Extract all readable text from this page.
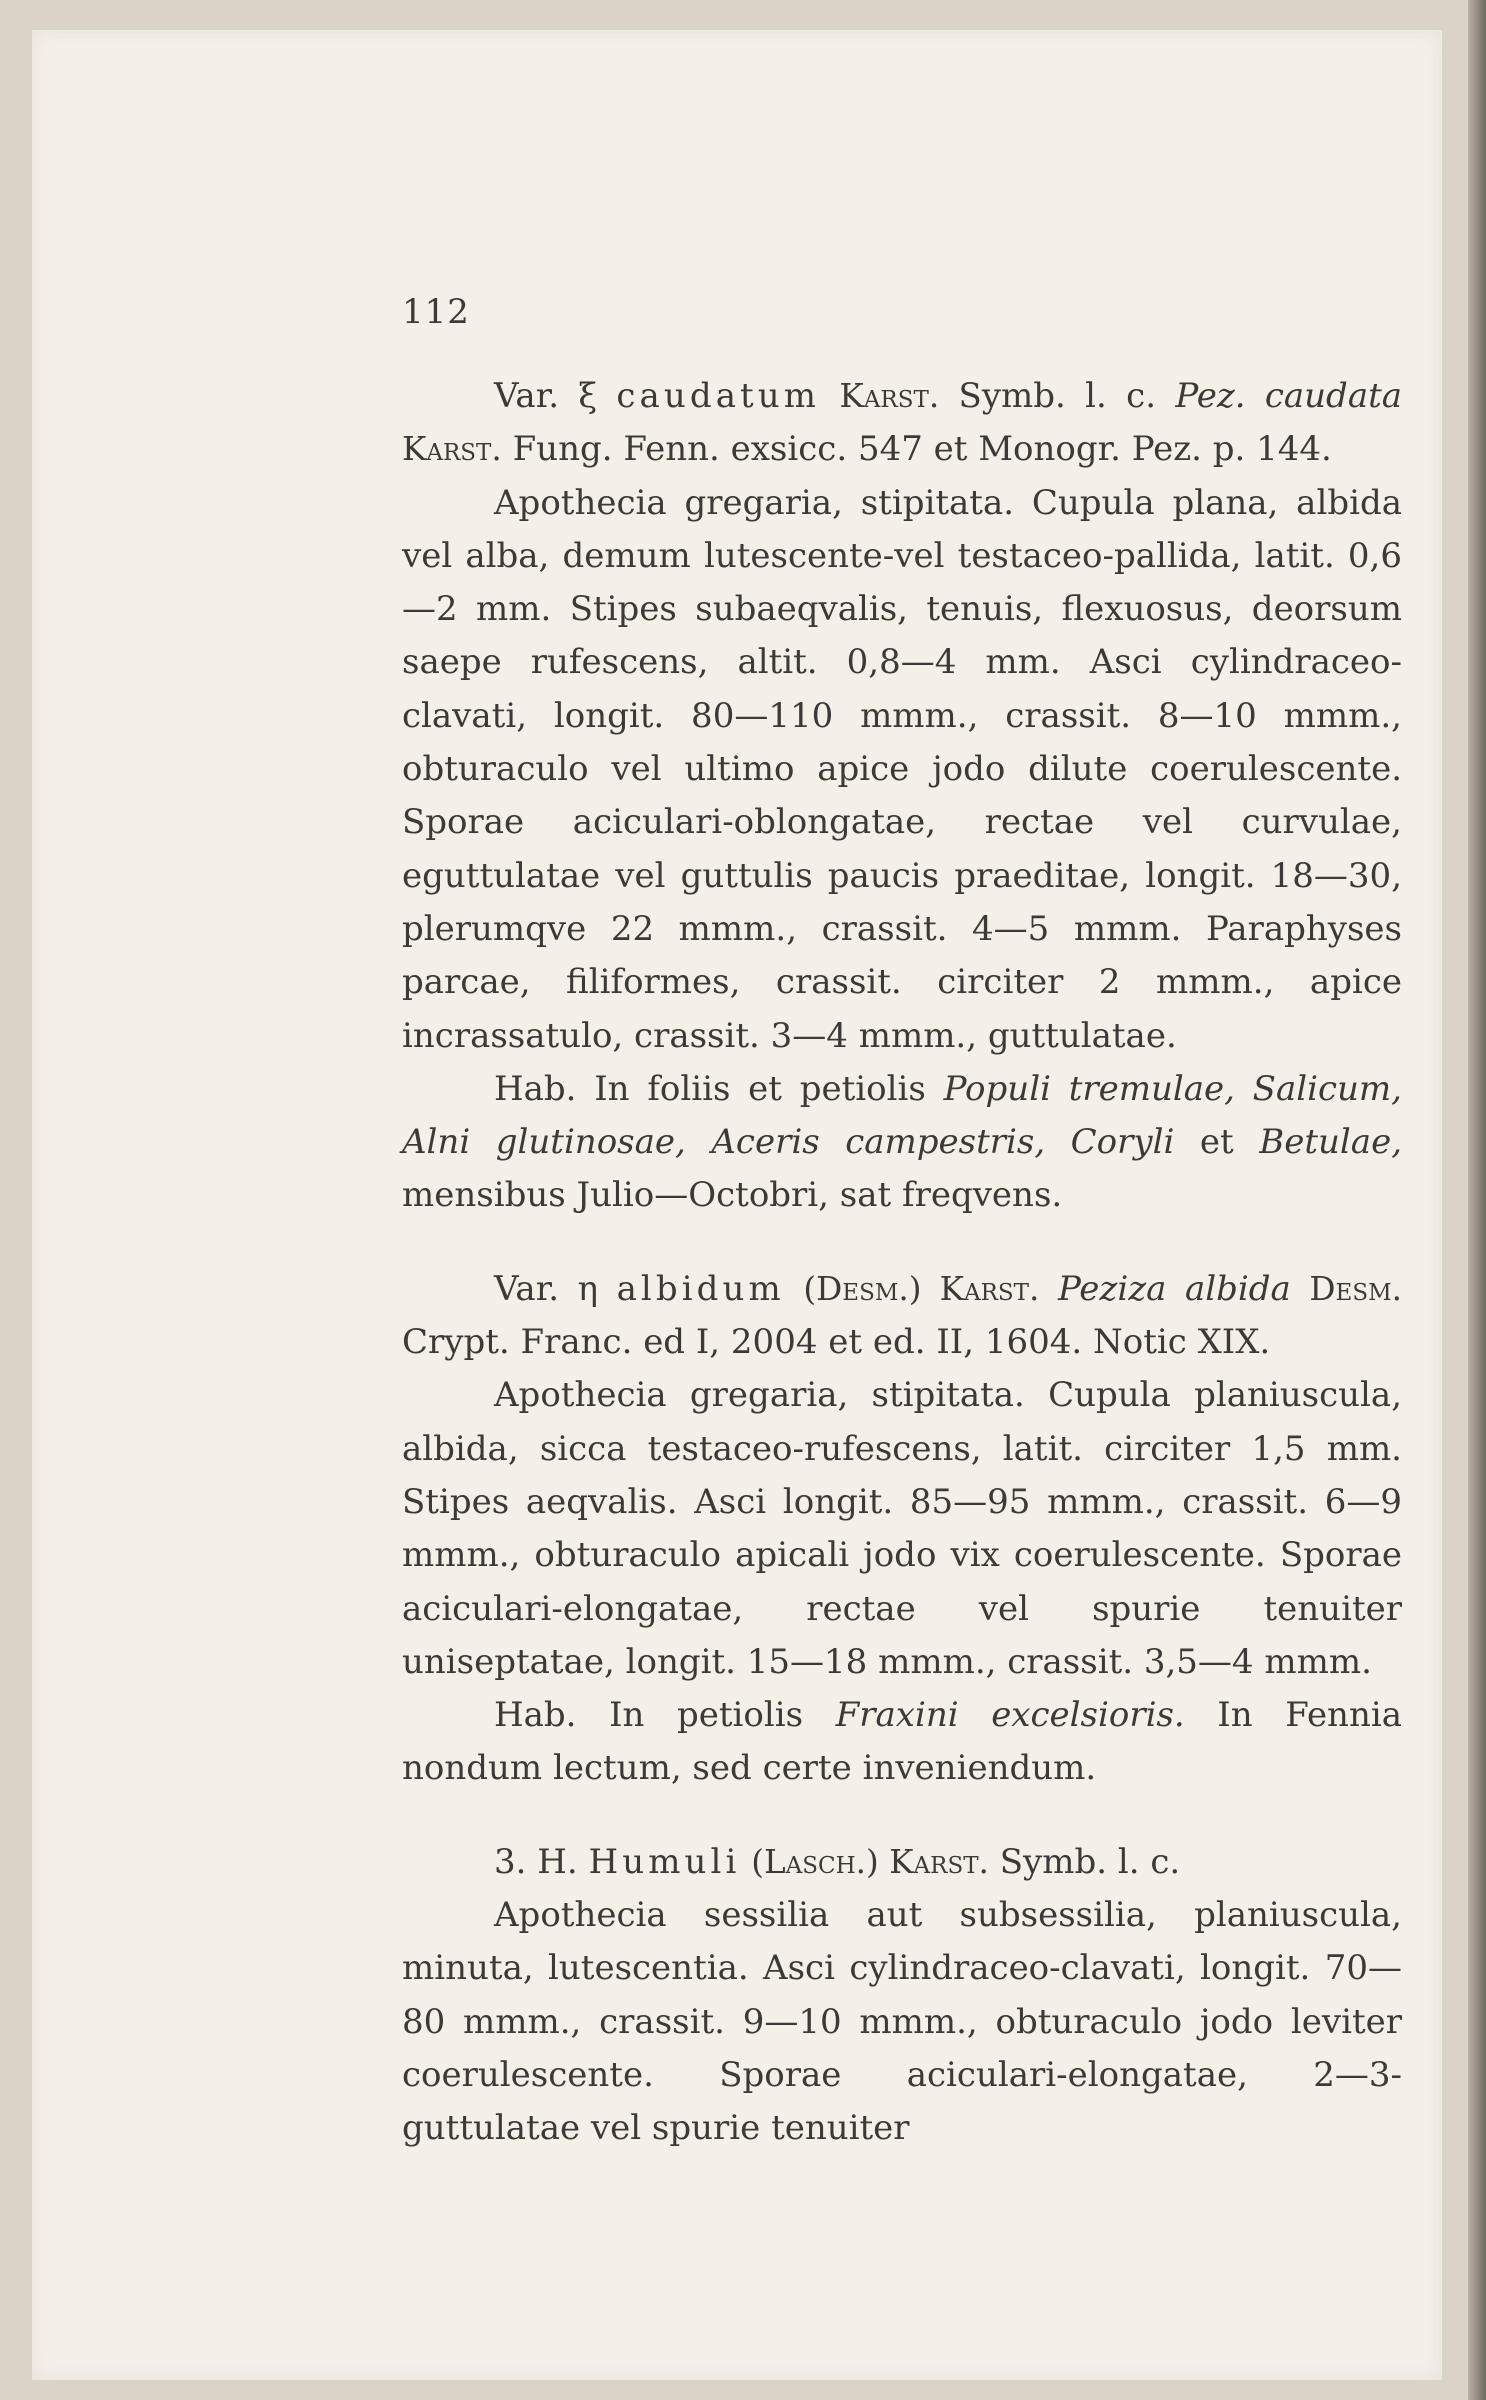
112

Var. ξ caudatum Karst. Symb. l. c. Pez. caudata Karst. Fung. Fenn. exsicc. 547 et Monogr. Pez. p. 144.

Apothecia gregaria, stipitata. Cupula plana, albida vel alba, demum lutescente-vel testaceo-pallida, latit. 0,6—2 mm. Stipes subaeqvalis, tenuis, flexuosus, deorsum saepe rufescens, altit. 0,8—4 mm. Asci cylindraceo-clavati, longit. 80—110 mmm., crassit. 8—10 mmm., obturaculo vel ultimo apice jodo dilute coerulescente. Sporae aciculari-oblongatae, rectae vel curvulae, eguttulatae vel guttulis paucis praeditae, longit. 18—30, plerumqve 22 mmm., crassit. 4—5 mmm. Paraphyses parcae, filiformes, crassit. circiter 2 mmm., apice incrassatulo, crassit. 3—4 mmm., guttulatae.

Hab. In foliis et petiolis Populi tremulae, Salicum, Alni glutinosae, Aceris campestris, Coryli et Betulae, mensibus Julio—Octobri, sat freqvens.

Var. η albidum (Desm.) Karst. Peziza albida Desm. Crypt. Franc. ed I, 2004 et ed. II, 1604. Notic XIX.

Apothecia gregaria, stipitata. Cupula planiuscula, albida, sicca testaceo-rufescens, latit. circiter 1,5 mm. Stipes aeqvalis. Asci longit. 85—95 mmm., crassit. 6—9 mmm., obturaculo apicali jodo vix coerulescente. Sporae aciculari-elongatae, rectae vel spurie tenuiter uniseptatae, longit. 15—18 mmm., crassit. 3,5—4 mmm.

Hab. In petiolis Fraxini excelsioris. In Fennia nondum lectum, sed certe inveniendum.

3. H. Humuli (Lasch.) Karst. Symb. l. c.

Apothecia sessilia aut subsessilia, planiuscula, minuta, lutescentia. Asci cylindraceo-clavati, longit. 70—80 mmm., crassit. 9—10 mmm., obturaculo jodo leviter coerulescente. Sporae aciculari-elongatae, 2—3-guttulatae vel spurie tenuiter
